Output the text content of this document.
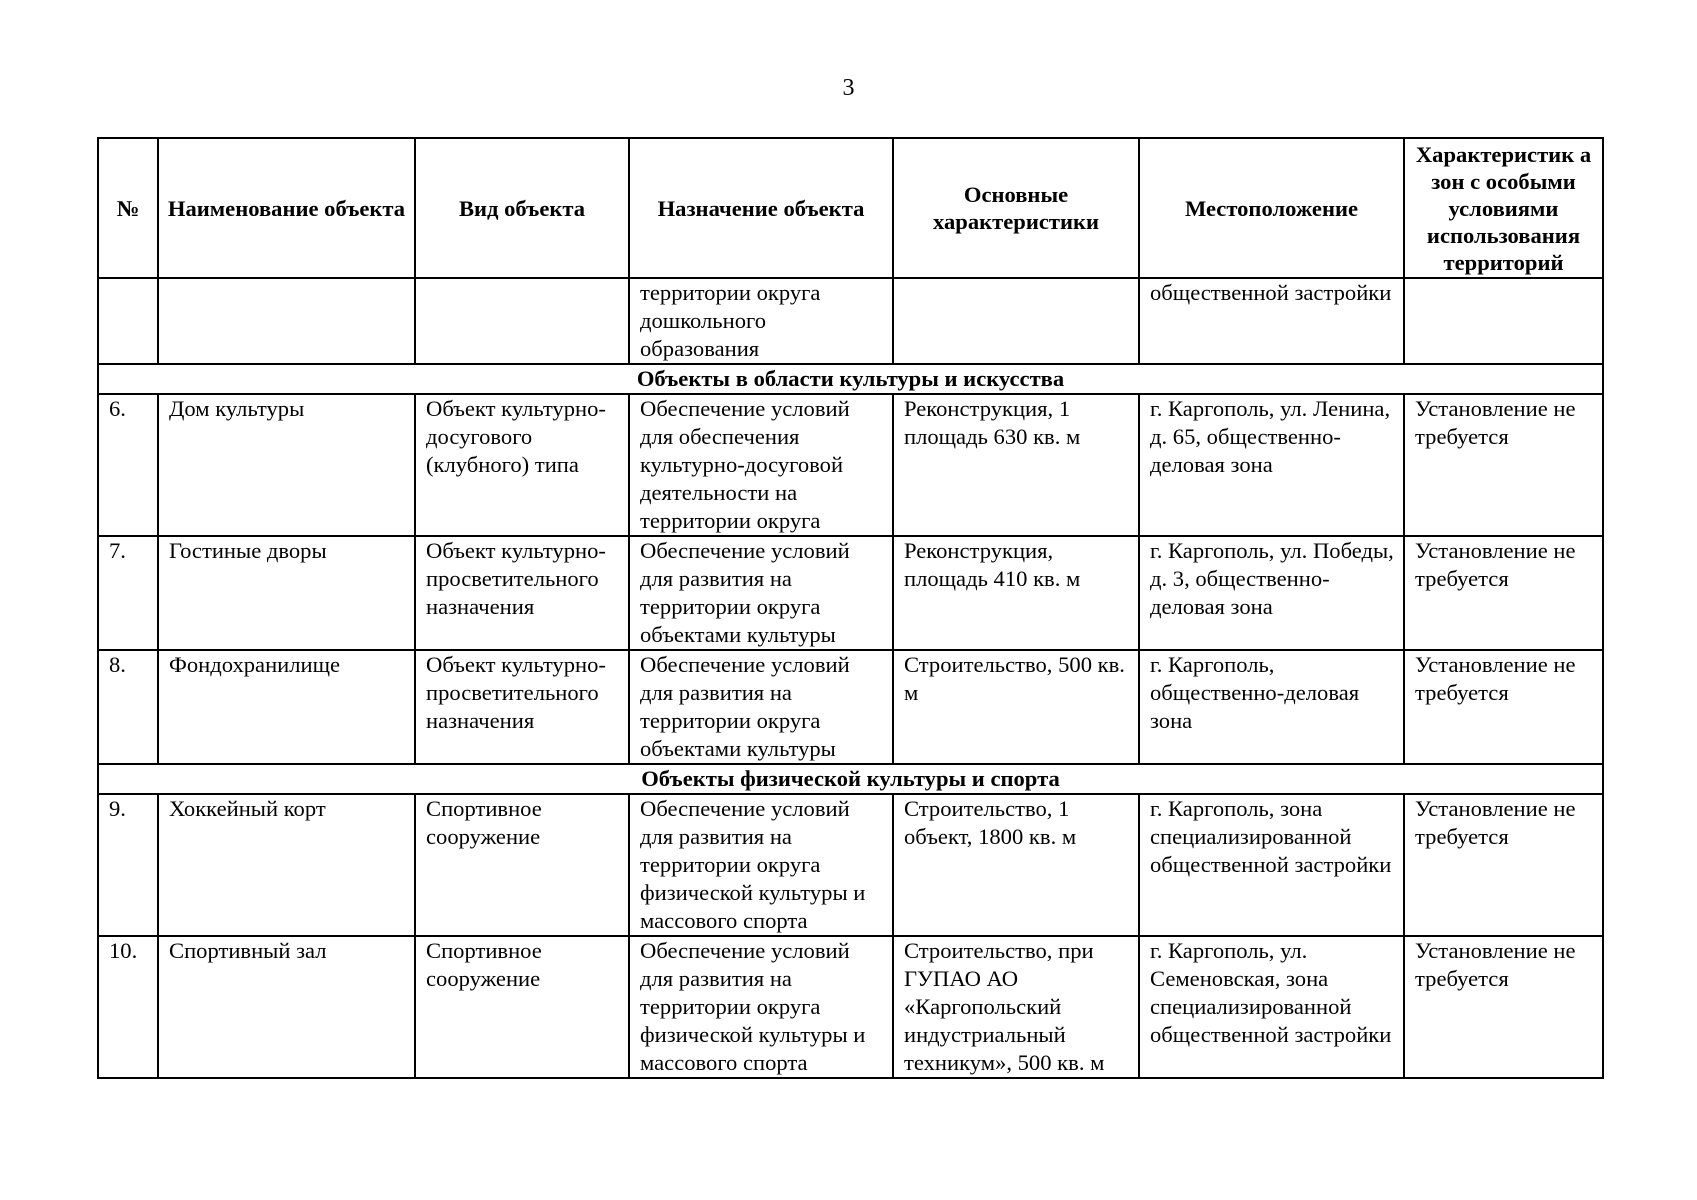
3
№	Наименование объекта	Вид объекта	Назначение объекта	Основные характеристики	Местоположение	Характеристик а зон с особыми условиями использования территорий
			территории округа дошкольного образования		общественной застройки	
Объекты в области культуры и искусства						
6.	Дом культуры	Объект культурно-досугового (клубного) типа	Обеспечение условий для обеспечения культурно-досуговой деятельности на территории округа	Реконструкция, 1 площадь 630 кв. м	г. Каргополь, ул. Ленина, д. 65, общественно-деловая зона	Установление не требуется
7.	Гостиные дворы	Объект культурно-просветительного назначения	Обеспечение условий для развития на территории округа объектами культуры	Реконструкция, площадь 410 кв. м	г. Каргополь, ул. Победы, д. 3, общественно-деловая зона	Установление не требуется
8.	Фондохранилище	Объект культурно-просветительного назначения	Обеспечение условий для развития на территории округа объектами культуры	Строительство, 500 кв. м	г. Каргополь, общественно-деловая зона	Установление не требуется
Объекты физической культуры и спорта						
9.	Хоккейный корт	Спортивное сооружение	Обеспечение условий для развития на территории округа физической культуры и массового спорта	Строительство, 1 объект, 1800 кв. м	г. Каргополь, зона специализированной общественной застройки	Установление не требуется
10.	Спортивный зал	Спортивное сооружение	Обеспечение условий для развития на территории округа физической культуры и массового спорта	Строительство, при ГУПАО АО «Каргопольский индустриальный техникум», 500 кв. м	г. Каргополь, ул. Семеновская, зона специализированной общественной застройки	Установление не требуется
